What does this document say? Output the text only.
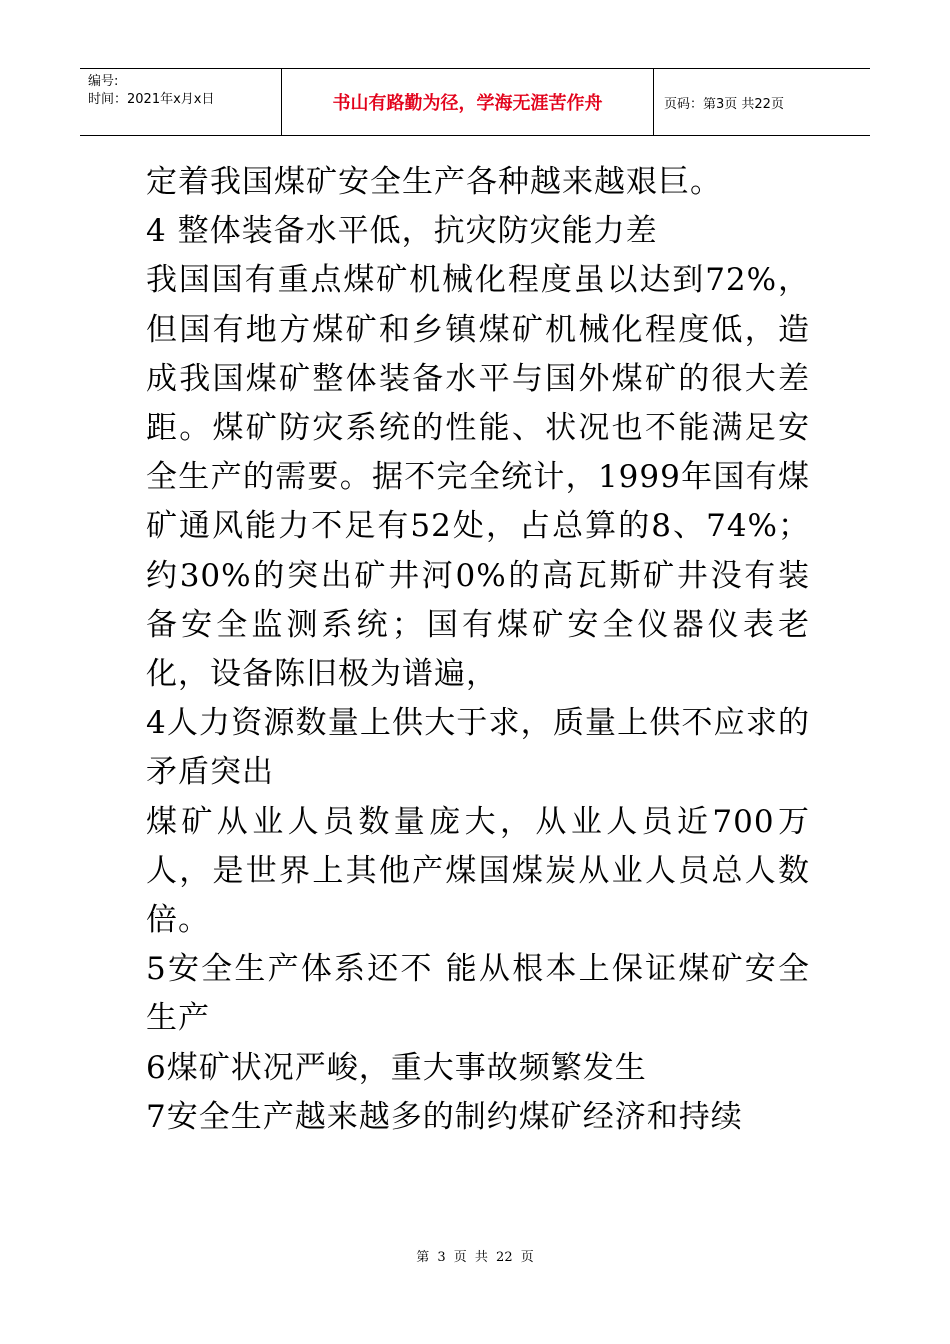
编号:
时间：2021年x月x日	书山有路勤为径，学海无涯苦作舟	页码：第3页 共22页

定着我国煤矿安全生产各种越来越艰巨。

4 整体装备水平低，抗灾防灾能力差

我国国有重点煤矿机械化程度虽以达到72%，但国有地方煤矿和乡镇煤矿机械化程度低，造成我国煤矿整体装备水平与国外煤矿的很大差距。煤矿防灾系统的性能、状况也不能满足安全生产的需要。据不完全统计，1999年国有煤矿通风能力不足有52处，占总算的8、74%；约30%的突出矿井河0%的高瓦斯矿井没有装备安全监测系统；国有煤矿安全仪器仪表老化，设备陈旧极为谱遍，

4人力资源数量上供大于求，质量上供不应求的 矛盾突出

煤矿从业人员数量庞大，从业人员近700万人，是世界上其他产煤国煤炭从业人员总人数倍。

5安全生产体系还不 能从根本上保证煤矿安全生产

6煤矿状况严峻，重大事故频繁发生

7安全生产越来越多的制约煤矿经济和持续

第 3 页 共 22 页
